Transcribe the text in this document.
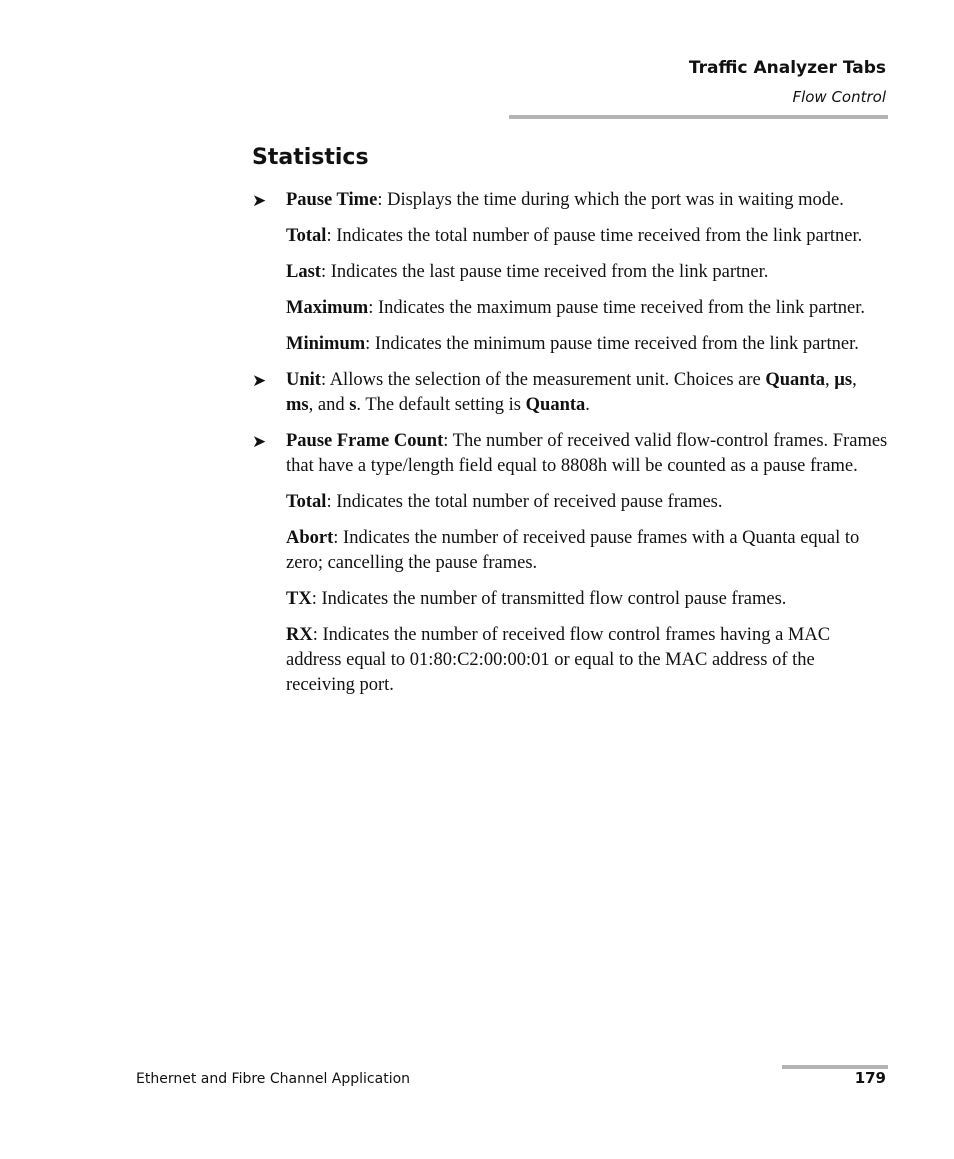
Traffic Analyzer Tabs
Flow Control
Statistics

➤ Pause Time: Displays the time during which the port was in waiting mode.

Total: Indicates the total number of pause time received from the link partner.

Last: Indicates the last pause time received from the link partner.

Maximum: Indicates the maximum pause time received from the link partner.

Minimum: Indicates the minimum pause time received from the link partner.

➤ Unit: Allows the selection of the measurement unit. Choices are Quanta, µs, ms, and s. The default setting is Quanta.

➤ Pause Frame Count: The number of received valid flow-control frames. Frames that have a type/length field equal to 8808h will be counted as a pause frame.

Total: Indicates the total number of received pause frames.

Abort: Indicates the number of received pause frames with a Quanta equal to zero; cancelling the pause frames.

TX: Indicates the number of transmitted flow control pause frames.

RX: Indicates the number of received flow control frames having a MAC address equal to 01:80:C2:00:00:01 or equal to the MAC address of the receiving port.

Ethernet and Fibre Channel Application	179
